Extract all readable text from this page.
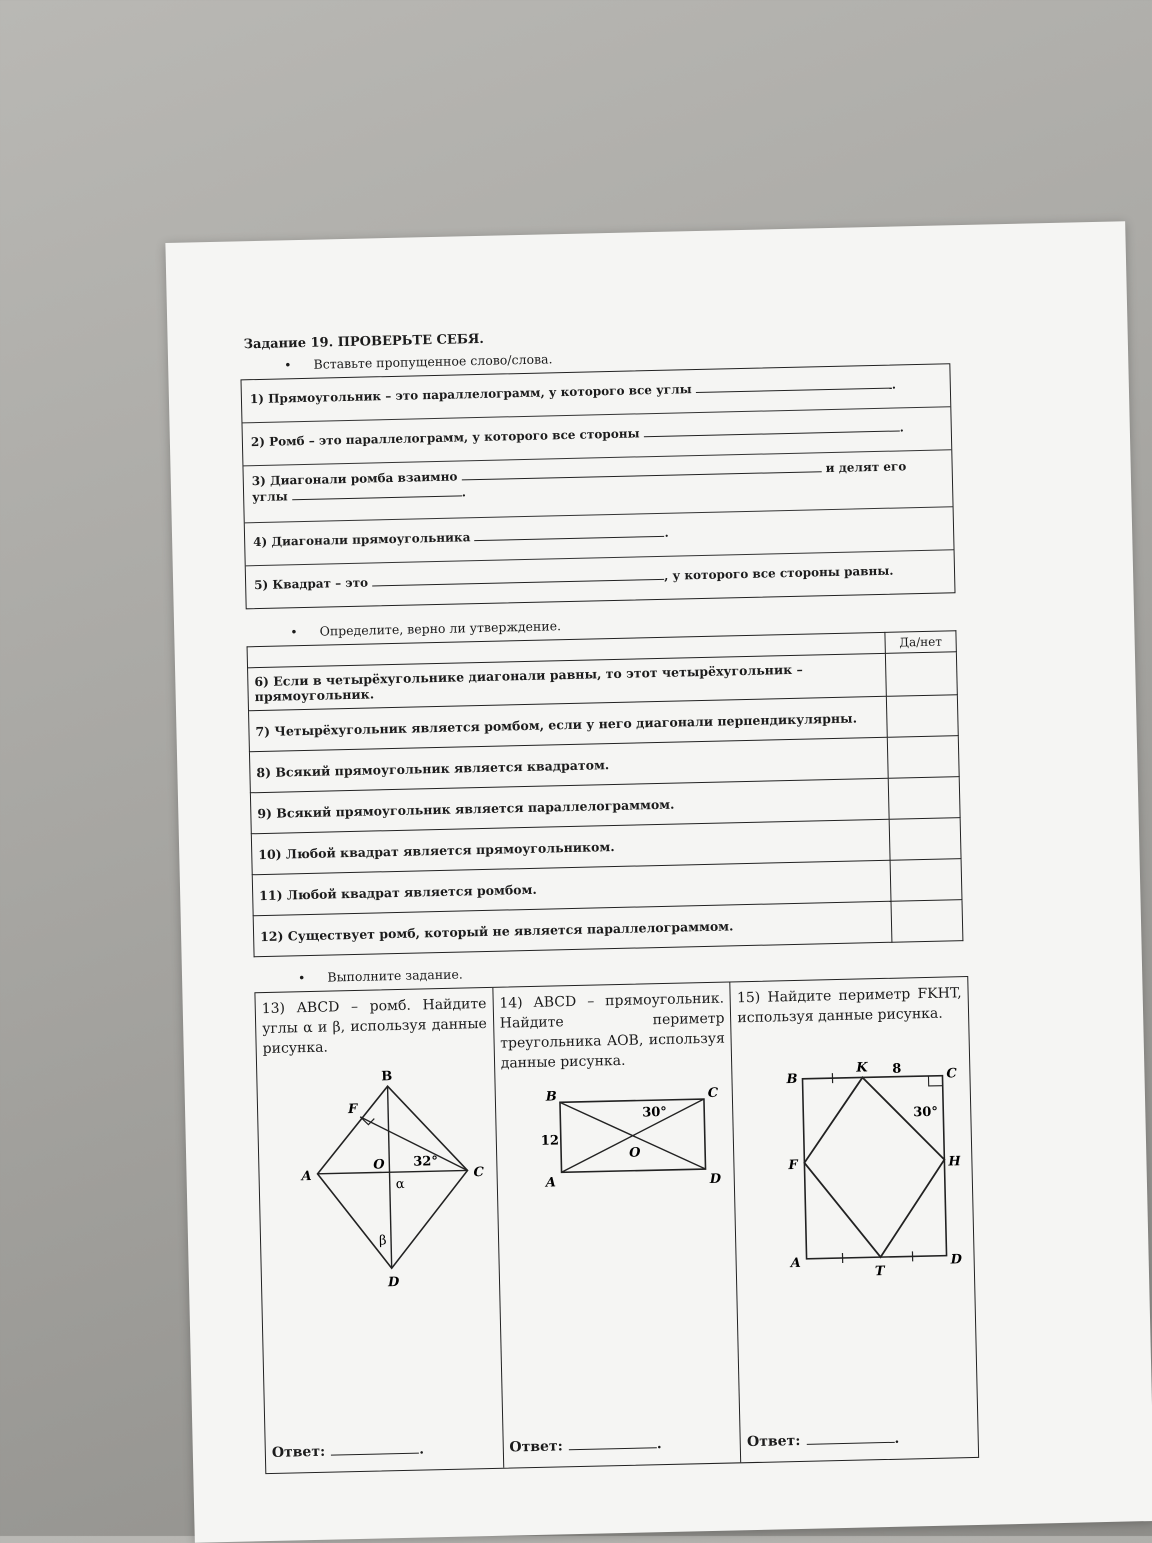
Задание 19. ПРОВЕРЬТЕ СЕБЯ.
• Вставьте пропущенное слово/слова.
1) Прямоугольник – это параллелограмм, у которого все углы	.
2) Ромб – это параллелограмм, у которого все стороны	.
3) Диагонали ромба взаимно  и делят его
углы	.
4) Диагонали прямоугольника	.
5) Квадрат – это , у которого все стороны равны.
• Определите, верно ли утверждение.
	Да/нет
6) Если в четырёхугольнике диагонали равны, то этот четырёхугольник – прямоугольник.	
7) Четырёхугольник является ромбом, если у него диагонали перпендикулярны.	
8) Всякий прямоугольник является квадратом.	
9) Всякий прямоугольник является параллелограммом.	
10) Любой квадрат является прямоугольником.	
11) Любой квадрат является ромбом.	
12) Существует ромб, который не является параллелограммом.	
• Выполните задание.
13) ABCD – ромб. Найдите углы α и β, используя данные рисунка.
B
F
A
O 32°
C
α
β
D
Ответ:	.
14) ABCD – прямоугольник. Найдите периметр треугольника AOB, используя данные рисунка.
B	C
A	D
O
30°
12
Ответ:	.
15) Найдите периметр FKHT, используя данные рисунка.
B
K 8	C
30°
F	H
A
T
D
Ответ:	.
